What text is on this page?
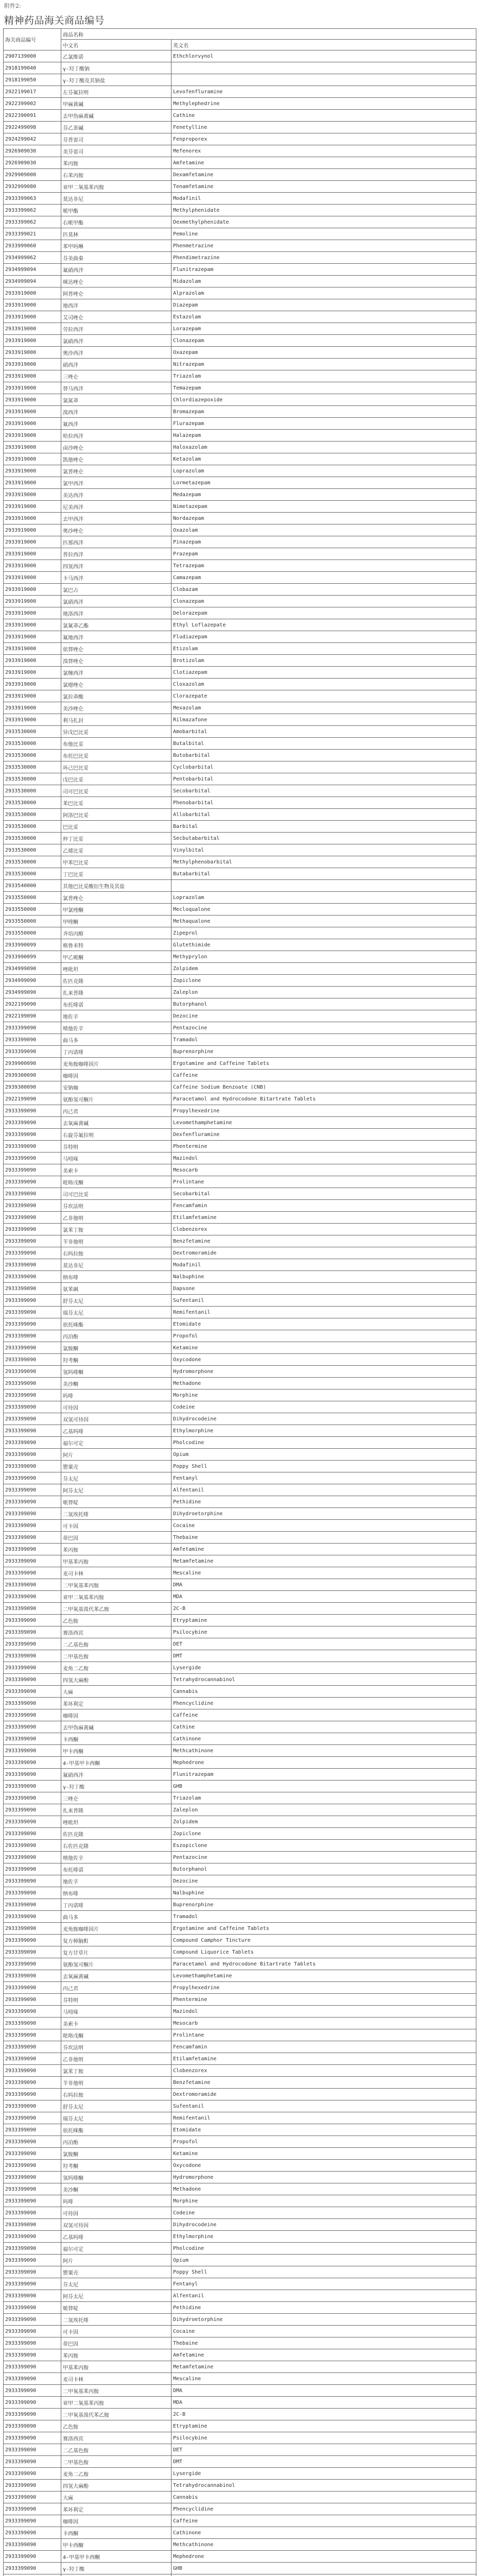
附件2:
精神药品海关商品编号
海关商品编号	商品名称	
	中文名	英文名
2907139000	乙氯维诺	Ethchlorvynol
2918199040	γ-羟丁酸钠	
2918199050	γ-羟丁酸及其钠盐	
2922199017	左芬氟拉明	Levofenfluramine
2922399002	甲麻黄碱	Methylephedrine
2922390091	去甲伪麻黄碱	Cathine
2922499098	芬乙茶碱	Fenetylline
2924299042	芬普雷司	Fenproporex
2926909030	美芬雷司	Mefenorex
2926909030	苯丙胺	Amfetamine
2929909000	右苯丙胺	Dexamfetamine
2932999080	亚甲二氧基苯丙胺	Tenamfetamine
2933399063	莫达非尼	Modafinil
2933399062	哌甲酯	Methylphenidate
2933399062	右哌甲酯	Dexmethylphenidate
2933399021	匹莫林	Pemoline
2933999060	苯甲吗啉	Phenmetrazine
2934999062	芬美曲秦	Phendimetrazine
2934999094	氟硝西泮	Flunitrazepam
2934999094	咪达唑仑	Midazolam
2933919000	阿普唑仑	Alprazolam
2933919000	地西泮	Diazepam
2933919000	艾司唑仑	Estazolam
2933919000	劳拉西泮	Lorazepam
2933919000	氯硝西泮	Clonazepam
2933919000	奥沙西泮	Oxazepam
2933919000	硝西泮	Nitrazepam
2933919000	三唑仑	Triazolam
2933919000	替马西泮	Temazepam
2933919000	氯氮䓬	Chlordiazepoxide
2933919000	溴西泮	Bromazepam
2933919000	氟西泮	Flurazepam
2933919000	哈拉西泮	Halazepam
2933919000	卤沙唑仑	Haloxazolam
2933919000	凯他唑仑	Ketazolam
2933919000	氯普唑仑	Loprazolam
2933919000	氯甲西泮	Lormetazepam
2933919000	美达西泮	Medazepam
2933919000	尼美西泮	Nimetazepam
2933919000	去甲西泮	Nordazepam
2933919000	奥沙唑仑	Oxazolam
2933919000	匹那西泮	Pinazepam
2933919000	普拉西泮	Prazepam
2933919000	四氢西泮	Tetrazepam
2933919000	卡马西泮	Camazepam
2933919000	氯巴占	Clobazam
2933919000	氯硝西泮	Clonazepam
2933919000	地洛西泮	Delorazepam
2933919000	氯氟䓬乙酯	Ethyl Loflazepate
2933919000	氟地西泮	Fludiazepam
2933919000	依替唑仑	Etizolam
2933919000	溴替唑仑	Brotizolam
2933919000	氯噻西泮	Clotiazepam
2933919000	氯噁唑仑	Cloxazolam
2933919000	氯拉䓬酸	Clorazepate
2933919000	美沙唑仑	Mexazolam
2933919000	利马扎封	Rilmazafone
2933530000	异戊巴比妥	Amobarbital
2933530000	布他比妥	Butalbital
2933530000	布托巴比妥	Butobarbital
2933530000	环己巴比妥	Cyclobarbital
2933530000	戊巴比妥	Pentobarbital
2933530000	司可巴比妥	Secobarbital
2933530000	苯巴比妥	Phenobarbital
2933530000	阿洛巴比妥	Allobarbital
2933530000	巴比妥	Barbital
2933530000	仲丁比妥	Secbutabarbital
2933530000	乙烯比妥	Vinylbital
2933530000	甲苯巴比妥	Methylphenobarbital
2933530000	丁巴比妥	Butabarbital
2933540000	其他巴比妥酸衍生物及其盐	
2933550000	氯普唑仑	Loprazolam
2933550000	甲氯喹酮	Mecloqualone
2933550000	甲喹酮	Methaqualone
2933550000	齐培丙醇	Zipeprol
2933990099	格鲁米特	Glutethimide
2933990099	甲乙哌酮	Methyprylon
2934999090	唑吡坦	Zolpidem
2934999090	佐匹克隆	Zopiclone
2934999090	扎来普隆	Zaleplon
2922199090	布托啡诺	Butorphanol
2922199090	地佐辛	Dezocine
2933399090	喷他佐辛	Pentazocine
2933399090	曲马多	Tramadol
2933399090	丁丙诺啡	Buprenorphine
2939900090	麦角胺咖啡因片	Ergotamine and Caffeine Tablets
2939300090	咖啡因	Caffeine
2939300090	安钠咖	Caffeine Sodium Benzoate (CNB)
2922199090	氨酚氢可酮片	Paracetamol and Hydrocodone Bitartrate Tablets
2933399090	丙己君	Propylhexedrine
2933399090	去氧麻黄碱	Levomethamphetamine
2933399090	右旋芬氟拉明	Dexfenfluramine
2933399090	芬特明	Phentermine
2933399090	马吲哚	Mazindol
2933399090	美索卡	Mesocarb
2933399090	吡咯戊酮	Prolintane
2933399090	司可巴比妥	Secobarbital
2933399090	芬坎法明	Fencamfamin
2933399090	乙非他明	Etilamfetamine
2933399090	氯苯丁胺	Clobenzorex
2933399090	苄非他明	Benzfetamine
2933399090	右吗拉胺	Dextromoramide
2933399090	莫达非尼	Modafinil
2933399090	纳布啡	Nalbuphine
2933399090	氨苯砜	Dapsone
2933399090	舒芬太尼	Sufentanil
2933399090	瑞芬太尼	Remifentanil
2933399090	依托咪酯	Etomidate
2933399090	丙泊酚	Propofol
2933399090	氯胺酮	Ketamine
2933399090	羟考酮	Oxycodone
2933399090	氢吗啡酮	Hydromorphone
2933399090	美沙酮	Methadone
2933399090	吗啡	Morphine
2933399090	可待因	Codeine
2933399090	双氢可待因	Dihydrocodeine
2933399090	乙基吗啡	Ethylmorphine
2933399090	福尔可定	Pholcodine
2933399090	阿片	Opium
2933399090	罂粟壳	Poppy Shell
2933399090	芬太尼	Fentanyl
2933399090	阿芬太尼	Alfentanil
2933399090	哌替啶	Pethidine
2933399090	二氢埃托啡	Dihydroetorphine
2933399090	可卡因	Cocaine
2933399090	蒂巴因	Thebaine
2933399090	苯丙胺	Amfetamine
2933399090	甲基苯丙胺	Metamfetamine
2933399090	麦司卡林	Mescaline
2933399090	二甲氧基苯丙胺	DMA
2933399090	亚甲二氧基苯丙胺	MDA
2933399090	二甲氧基溴代苯乙胺	2C-B
2933399090	乙色胺	Etryptamine
2933399090	赛洛西宾	Psilocybine
2933399090	二乙基色胺	DET
2933399090	二甲基色胺	DMT
2933399090	麦角二乙胺	Lysergide
2933399090	四氢大麻酚	Tetrahydrocannabinol
2933399090	大麻	Cannabis
2933399090	苯环利定	Phencyclidine
2933399090	咖啡因	Caffeine
2933399090	去甲伪麻黄碱	Cathine
2933399090	卡西酮	Cathinone
2933399090	甲卡西酮	Methcathinone
2933399090	4-甲基甲卡西酮	Mephedrone
2933399090	氟硝西泮	Flunitrazepam
2933399090	γ-羟丁酸	GHB
2933399090	三唑仑	Triazolam
2933399090	扎来普隆	Zaleplon
2933399090	唑吡坦	Zolpidem
2933399090	佐匹克隆	Zopiclone
2933399090	右佐匹克隆	Eszopiclone
2933399090	喷他佐辛	Pentazocine
2933399090	布托啡诺	Butorphanol
2933399090	地佐辛	Dezocine
2933399090	纳布啡	Nalbuphine
2933399090	丁丙诺啡	Buprenorphine
2933399090	曲马多	Tramadol
2933399090	麦角胺咖啡因片	Ergotamine and Caffeine Tablets
2933399090	复方樟脑酊	Compound Camphor Tincture
2933399090	复方甘草片	Compound Liquorice Tablets
2933399090	氨酚氢可酮片	Paracetamol and Hydrocodone Bitartrate Tablets
2933399090	去氧麻黄碱	Levomethamphetamine
2933399090	丙己君	Propylhexedrine
2933399090	芬特明	Phentermine
2933399090	马吲哚	Mazindol
2933399090	美索卡	Mesocarb
2933399090	吡咯戊酮	Prolintane
2933399090	芬坎法明	Fencamfamin
2933399090	乙非他明	Etilamfetamine
2933399090	氯苯丁胺	Clobenzorex
2933399090	苄非他明	Benzfetamine
2933399090	右吗拉胺	Dextromoramide
2933399090	舒芬太尼	Sufentanil
2933399090	瑞芬太尼	Remifentanil
2933399090	依托咪酯	Etomidate
2933399090	丙泊酚	Propofol
2933399090	氯胺酮	Ketamine
2933399090	羟考酮	Oxycodone
2933399090	氢吗啡酮	Hydromorphone
2933399090	美沙酮	Methadone
2933399090	吗啡	Morphine
2933399090	可待因	Codeine
2933399090	双氢可待因	Dihydrocodeine
2933399090	乙基吗啡	Ethylmorphine
2933399090	福尔可定	Pholcodine
2933399090	阿片	Opium
2933399090	罂粟壳	Poppy Shell
2933399090	芬太尼	Fentanyl
2933399090	阿芬太尼	Alfentanil
2933399090	哌替啶	Pethidine
2933399090	二氢埃托啡	Dihydroetorphine
2933399090	可卡因	Cocaine
2933399090	蒂巴因	Thebaine
2933399090	苯丙胺	Amfetamine
2933399090	甲基苯丙胺	Metamfetamine
2933399090	麦司卡林	Mescaline
2933399090	二甲氧基苯丙胺	DMA
2933399090	亚甲二氧基苯丙胺	MDA
2933399090	二甲氧基溴代苯乙胺	2C-B
2933399090	乙色胺	Etryptamine
2933399090	赛洛西宾	Psilocybine
2933399090	二乙基色胺	DET
2933399090	二甲基色胺	DMT
2933399090	麦角二乙胺	Lysergide
2933399090	四氢大麻酚	Tetrahydrocannabinol
2933399090	大麻	Cannabis
2933399090	苯环利定	Phencyclidine
2933399090	咖啡因	Caffeine
2933399090	卡西酮	Cathinone
2933399090	甲卡西酮	Methcathinone
2933399090	4-甲基甲卡西酮	Mephedrone
2933399090	γ-羟丁酸	GHB
